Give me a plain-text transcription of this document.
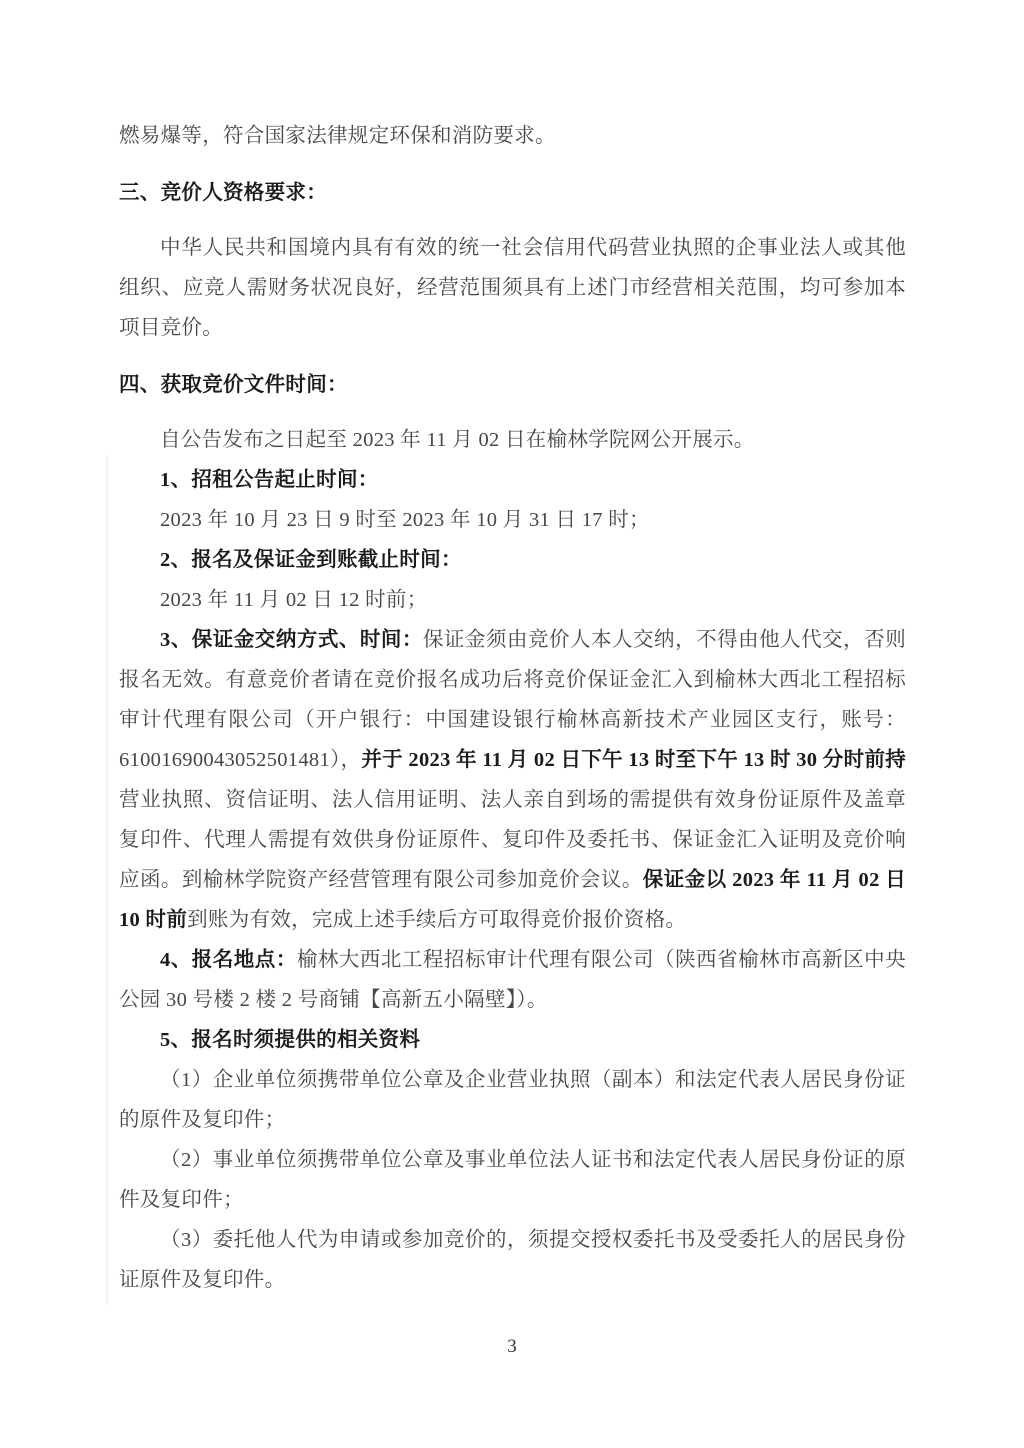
燃易爆等，符合国家法律规定环保和消防要求。

三、竞价人资格要求：

中华人民共和国境内具有有效的统一社会信用代码营业执照的企事业法人或其他组织、应竞人需财务状况良好，经营范围须具有上述门市经营相关范围，均可参加本项目竞价。

四、获取竞价文件时间：

自公告发布之日起至 2023 年 11 月 02 日在榆林学院网公开展示。

1、招租公告起止时间：

2023 年 10 月 23 日 9 时至 2023 年 10 月 31 日 17 时；

2、报名及保证金到账截止时间：

2023 年 11 月 02 日 12 时前；

3、保证金交纳方式、时间：保证金须由竞价人本人交纳，不得由他人代交，否则报名无效。有意竞价者请在竞价报名成功后将竞价保证金汇入到榆林大西北工程招标审计代理有限公司（开户银行：中国建设银行榆林高新技术产业园区支行，账号：61001690043052501481），并于 2023 年 11 月 02 日下午 13 时至下午 13 时 30 分时前持营业执照、资信证明、法人信用证明、法人亲自到场的需提供有效身份证原件及盖章复印件、代理人需提有效供身份证原件、复印件及委托书、保证金汇入证明及竞价响应函。到榆林学院资产经营管理有限公司参加竞价会议。保证金以 2023 年 11 月 02 日 10 时前到账为有效，完成上述手续后方可取得竞价报价资格。

4、报名地点：榆林大西北工程招标审计代理有限公司（陕西省榆林市高新区中央公园 30 号楼 2 楼 2 号商铺【高新五小隔壁】）。

5、报名时须提供的相关资料

（1）企业单位须携带单位公章及企业营业执照（副本）和法定代表人居民身份证的原件及复印件；

（2）事业单位须携带单位公章及事业单位法人证书和法定代表人居民身份证的原件及复印件；

（3）委托他人代为申请或参加竞价的，须提交授权委托书及受委托人的居民身份证原件及复印件。

3
